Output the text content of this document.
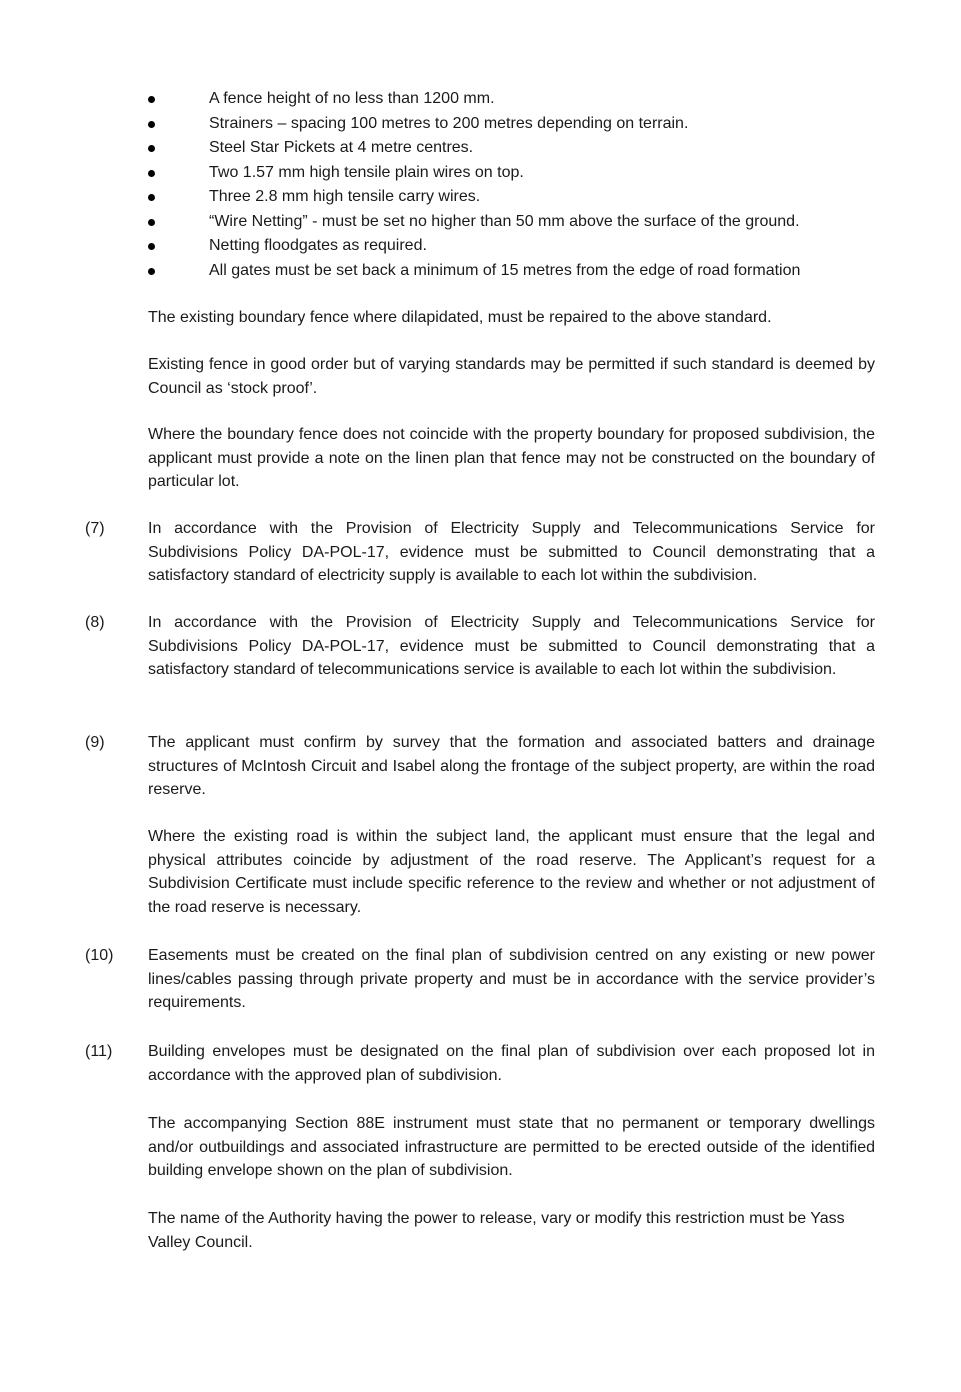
A fence height of no less than 1200 mm.
Strainers – spacing 100 metres to 200 metres depending on terrain.
Steel Star Pickets at 4 metre centres.
Two 1.57 mm high tensile plain wires on top.
Three 2.8 mm high tensile carry wires.
“Wire Netting” - must be set no higher than 50 mm above the surface of the ground.
Netting floodgates as required.
All gates must be set back a minimum of 15 metres from the edge of road formation

The existing boundary fence where dilapidated, must be repaired to the above standard.

Existing fence in good order but of varying standards may be permitted if such standard is deemed by Council as ‘stock proof’.

Where the boundary fence does not coincide with the property boundary for proposed subdivision, the applicant must provide a note on the linen plan that fence may not be constructed on the boundary of particular lot.

(7)	In accordance with the Provision of Electricity Supply and Telecommunications Service for Subdivisions Policy DA-POL-17, evidence must be submitted to Council demonstrating that a satisfactory standard of electricity supply is available to each lot within the subdivision.

(8)	In accordance with the Provision of Electricity Supply and Telecommunications Service for Subdivisions Policy DA-POL-17, evidence must be submitted to Council demonstrating that a satisfactory standard of telecommunications service is available to each lot within the subdivision.

(9)	The applicant must confirm by survey that the formation and associated batters and drainage structures of McIntosh Circuit and Isabel along the frontage of the subject property, are within the road reserve.

Where the existing road is within the subject land, the applicant must ensure that the legal and physical attributes coincide by adjustment of the road reserve. The Applicant’s request for a Subdivision Certificate must include specific reference to the review and whether or not adjustment of the road reserve is necessary.

(10) Easements must be created on the final plan of subdivision centred on any existing or new power lines/cables passing through private property and must be in accordance with the service provider’s requirements.

(11) Building envelopes must be designated on the final plan of subdivision over each proposed lot in accordance with the approved plan of subdivision.

The accompanying Section 88E instrument must state that no permanent or temporary dwellings and/or outbuildings and associated infrastructure are permitted to be erected outside of the identified building envelope shown on the plan of subdivision.

The name of the Authority having the power to release, vary or modify this restriction must be Yass Valley Council.
